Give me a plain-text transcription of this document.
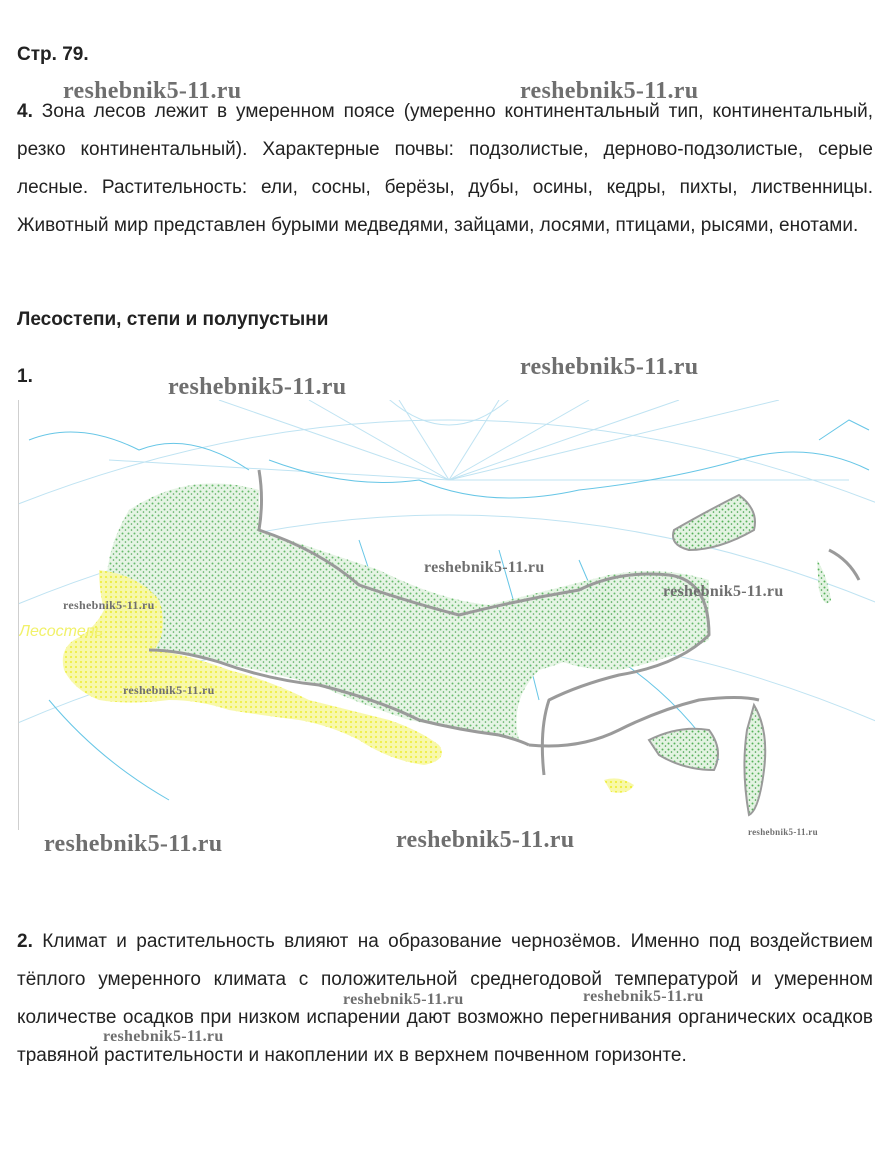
Стр. 79.
4. Зона лесов лежит в умеренном поясе (умеренно континентальный тип, континентальный, резко континентальный). Характерные почвы: подзолистые, дерново-подзолистые, серые лесные. Растительность: ели, сосны, берёзы, дубы, осины, кедры, пихты, лиственницы. Животный мир представлен бурыми медведями, зайцами, лосями, птицами, рысями, енотами.
Лесостепи, степи и полупустыни
1.
Лесостепь
2. Климат и растительность влияют на образование чернозёмов. Именно под воздействием тёплого умеренного климата с положительной среднегодовой температурой и умеренном количестве осадков при низком испарении дают возможно перегнивания органических осадков травяной растительности и накоплении их в верхнем почвенном горизонте.
reshebnik5-11.ru	reshebnik5-11.ru
reshebnik5-11.ru
reshebnik5-11.ru
reshebnik5-11.ru
reshebnik5-11.ru
reshebnik5-11.ru
reshebnik5-11.ru
reshebnik5-11.ru
reshebnik5-11.ru	reshebnik5-11.ru
reshebnik5-11.ru	reshebnik5-11.ru
reshebnik5-11.ru
